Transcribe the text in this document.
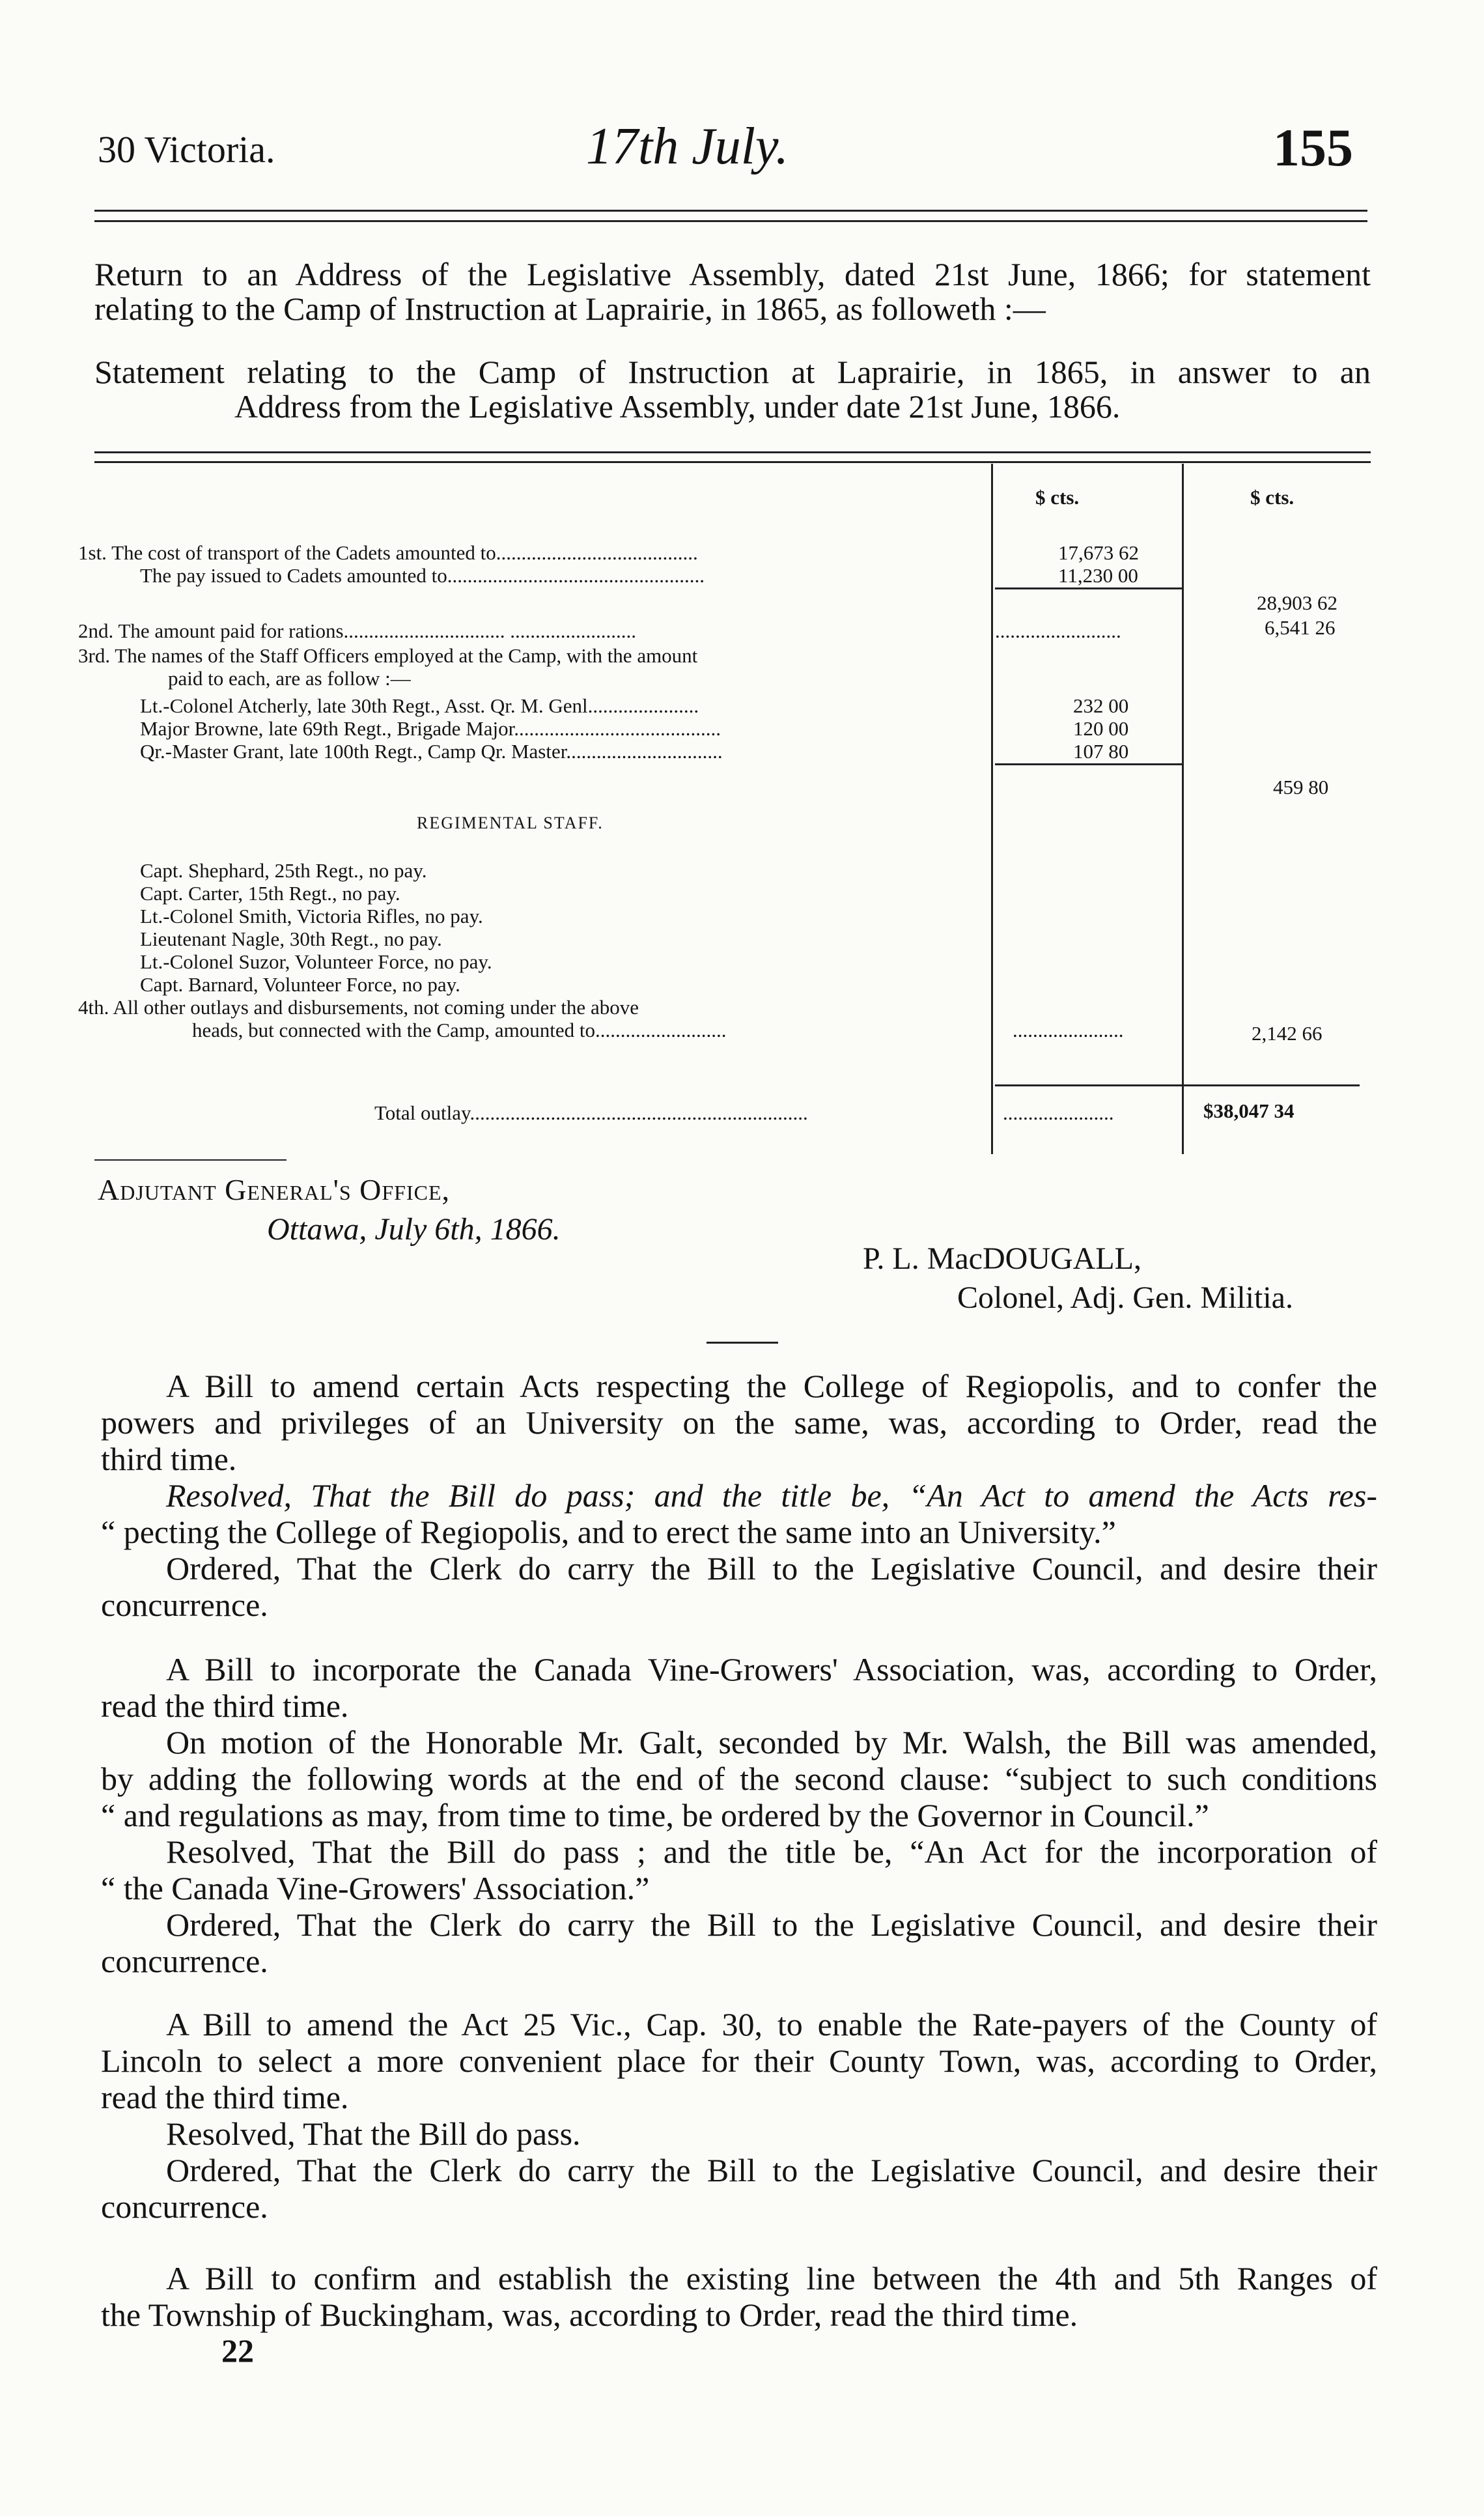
30 Victoria.	17th July.	155
Return to an Address of the Legislative Assembly, dated 21st June, 1866; for statement
relating to the Camp of Instruction at Laprairie, in 1865, as followeth :—
Statement relating to the Camp of Instruction at Laprairie, in 1865, in answer to an
Address from the Legislative Assembly, under date 21st June, 1866.
$ cts.	$ cts.
1st. The cost of transport of the Cadets amounted to........................................	17,673 62
The pay issued to Cadets amounted to...................................................	11,230 00
28,903 62
2nd. The amount paid for rations................................ .........................	.........................	6,541 26
3rd. The names of the Staff Officers employed at the Camp, with the amount
paid to each, are as follow :—
Lt.-Colonel Atcherly, late 30th Regt., Asst. Qr. M. Genl......................	232 00
Major Browne, late 69th Regt., Brigade Major.........................................	120 00
Qr.-Master Grant, late 100th Regt., Camp Qr. Master...............................	107 80
459 80
REGIMENTAL STAFF.
Capt. Shephard, 25th Regt., no pay.
Capt. Carter, 15th Regt., no pay.
Lt.-Colonel Smith, Victoria Rifles, no pay.
Lieutenant Nagle, 30th Regt., no pay.
Lt.-Colonel Suzor, Volunteer Force, no pay.
Capt. Barnard, Volunteer Force, no pay.
4th. All other outlays and disbursements, not coming under the above
heads, but connected with the Camp, amounted to..........................	......................	2,142 66
Total outlay...................................................................	......................	$38,047 34
Adjutant General's Office,
Ottawa, July 6th, 1866.
P. L. MacDOUGALL,
Colonel, Adj. Gen. Militia.
A Bill to amend certain Acts respecting the College of Regiopolis, and to confer the
powers and privileges of an University on the same, was, according to Order, read the
third time.
Resolved, That the Bill do pass; and the title be, “An Act to amend the Acts res-
“ pecting the College of Regiopolis, and to erect the same into an University.”
Ordered, That the Clerk do carry the Bill to the Legislative Council, and desire their
concurrence.
A Bill to incorporate the Canada Vine-Growers' Association, was, according to Order,
read the third time.
On motion of the Honorable Mr. Galt, seconded by Mr. Walsh, the Bill was amended,
by adding the following words at the end of the second clause: “subject to such conditions
“ and regulations as may, from time to time, be ordered by the Governor in Council.”
Resolved, That the Bill do pass ; and the title be, “An Act for the incorporation of
“ the Canada Vine-Growers' Association.”
Ordered, That the Clerk do carry the Bill to the Legislative Council, and desire their
concurrence.
A Bill to amend the Act 25 Vic., Cap. 30, to enable the Rate-payers of the County of
Lincoln to select a more convenient place for their County Town, was, according to Order,
read the third time.
Resolved, That the Bill do pass.
Ordered, That the Clerk do carry the Bill to the Legislative Council, and desire their
concurrence.
A Bill to confirm and establish the existing line between the 4th and 5th Ranges of
the Township of Buckingham, was, according to Order, read the third time.
22
